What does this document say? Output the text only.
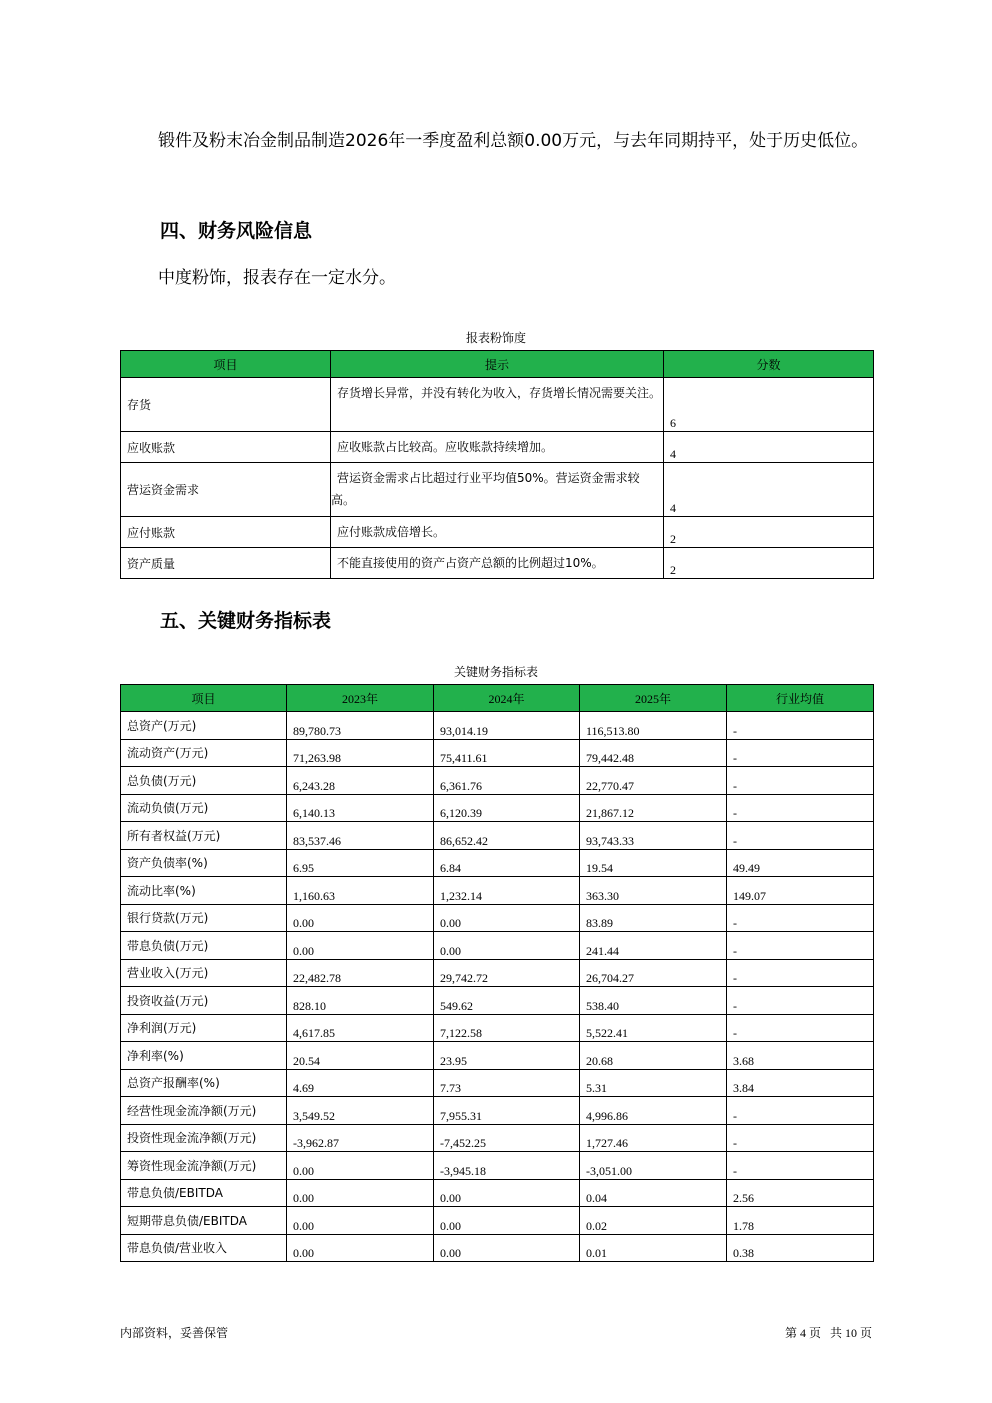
锻件及粉末冶金制品制造2026年一季度盈利总额0.00万元，与去年同期持平，处于历史低位。

四、财务风险信息

中度粉饰，报表存在一定水分。

报表粉饰度
项目	提示	分数
存货	存货增长异常，并没有转化为收入，存货增长情况需要关注。	6
应收账款	应收账款占比较高。应收账款持续增加。	4
营运资金需求	营运资金需求占比超过行业平均值50%。营运资金需求较高。	4
应付账款	应付账款成倍增长。	2
资产质量	不能直接使用的资产占资产总额的比例超过10%。	2
五、关键财务指标表
关键财务指标表
项目	2023年	2024年	2025年	行业均值
总资产(万元)	89,780.73	93,014.19	116,513.80	-
流动资产(万元)	71,263.98	75,411.61	79,442.48	-
总负债(万元)	6,243.28	6,361.76	22,770.47	-
流动负债(万元)	6,140.13	6,120.39	21,867.12	-
所有者权益(万元)	83,537.46	86,652.42	93,743.33	-
资产负债率(%)	6.95	6.84	19.54	49.49
流动比率(%)	1,160.63	1,232.14	363.30	149.07
银行贷款(万元)	0.00	0.00	83.89	-
带息负债(万元)	0.00	0.00	241.44	-
营业收入(万元)	22,482.78	29,742.72	26,704.27	-
投资收益(万元)	828.10	549.62	538.40	-
净利润(万元)	4,617.85	7,122.58	5,522.41	-
净利率(%)	20.54	23.95	20.68	3.68
总资产报酬率(%)	4.69	7.73	5.31	3.84
经营性现金流净额(万元)	3,549.52	7,955.31	4,996.86	-
投资性现金流净额(万元)	-3,962.87	-7,452.25	1,727.46	-
筹资性现金流净额(万元)	0.00	-3,945.18	-3,051.00	-
带息负债/EBITDA	0.00	0.00	0.04	2.56
短期带息负债/EBITDA	0.00	0.00	0.02	1.78
带息负债/营业收入	0.00	0.00	0.01	0.38
内部资料，妥善保管	第 4 页 共 10 页
